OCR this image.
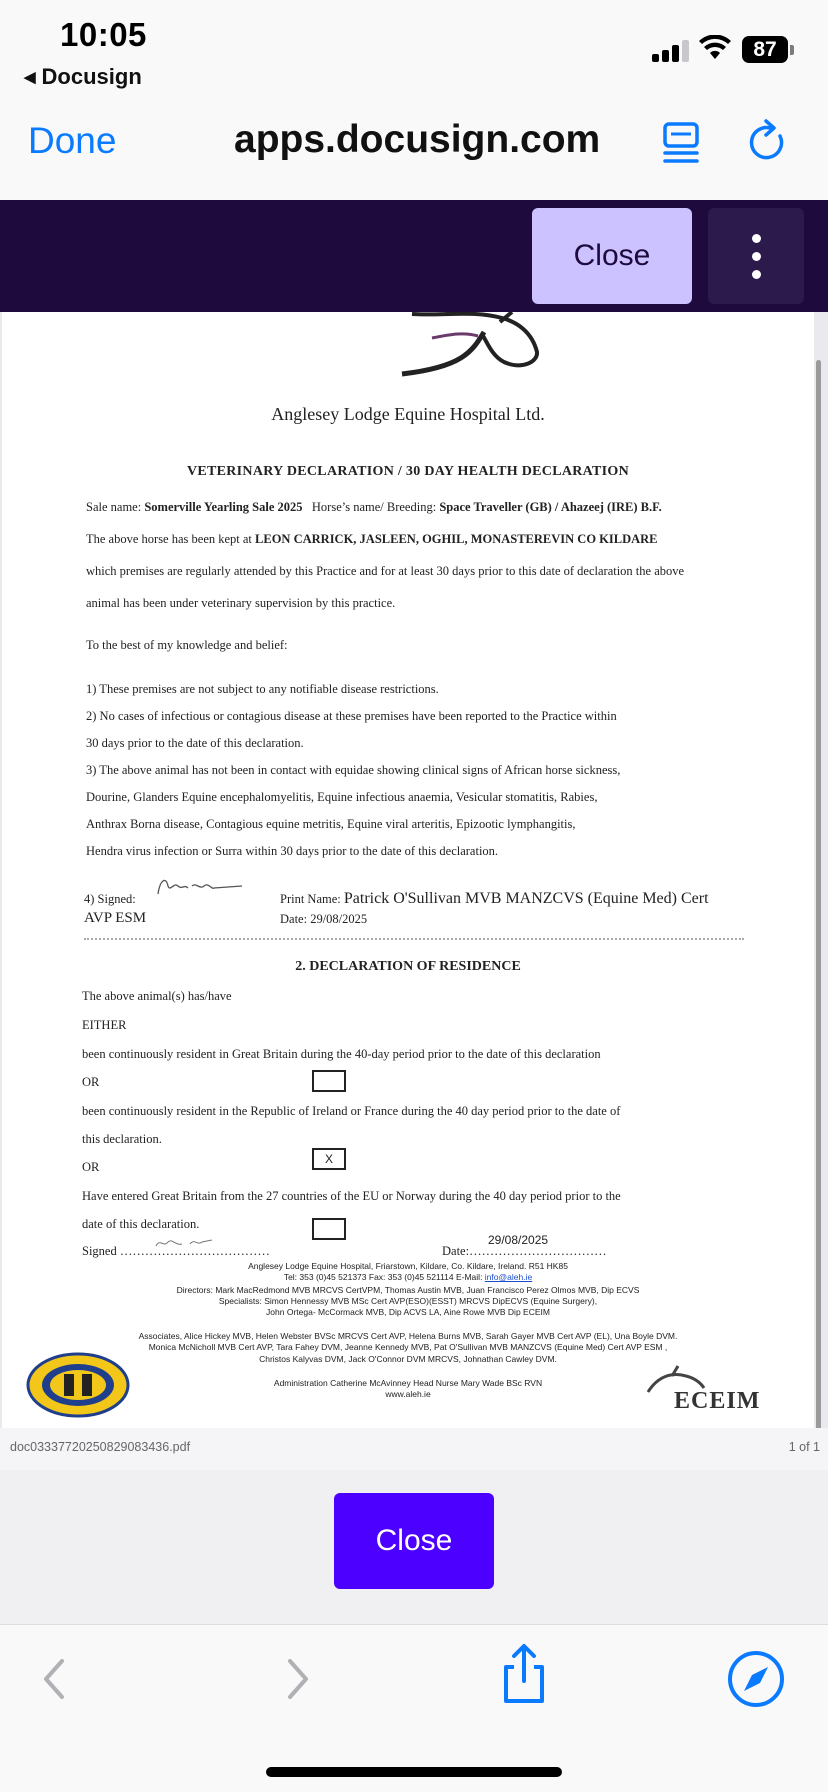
10:05
◀ Docusign
87
Done	apps.docusign.com
Close
Anglesey Lodge Equine Hospital Ltd.
VETERINARY DECLARATION / 30 DAY HEALTH DECLARATION
Sale name: Somerville Yearling Sale 2025 Horse’s name/ Breeding: Space Traveller (GB) / Ahazeej (IRE) B.F.
The above horse has been kept at LEON CARRICK, JASLEEN, OGHIL, MONASTEREVIN CO KILDARE
which premises are regularly attended by this Practice and for at least 30 days prior to this date of declaration the above
animal has been under veterinary supervision by this practice.
To the best of my knowledge and belief:
1) These premises are not subject to any notifiable disease restrictions.
2) No cases of infectious or contagious disease at these premises have been reported to the Practice within
30 days prior to the date of this declaration.
3) The above animal has not been in contact with equidae showing clinical signs of African horse sickness,
Dourine, Glanders Equine encephalomyelitis, Equine infectious anaemia, Vesicular stomatitis, Rabies,
Anthrax Borna disease, Contagious equine metritis, Equine viral arteritis, Epizootic lymphangitis,
Hendra virus infection or Surra within 30 days prior to the date of this declaration.
4) Signed:
AVP ESM
Print Name: Patrick O'Sullivan MVB MANZCVS (Equine Med) Cert
Date: 29/08/2025
2. DECLARATION OF RESIDENCE
The above animal(s) has/have
EITHER
been continuously resident in Great Britain during the 40-day period prior to the date of this declaration
OR
been continuously resident in the Republic of Ireland or France during the 40 day period prior to the date of
this declaration.
X
OR
Have entered Great Britain from the 27 countries of the EU or Norway during the 40 day period prior to the
date of this declaration.
Signed ………………………………	Date:……………………………
29/08/2025
Anglesey Lodge Equine Hospital, Friarstown, Kildare, Co. Kildare, Ireland. R51 HK85
Tel: 353 (0)45 521373 Fax: 353 (0)45 521114 E-Mail: info@aleh.ie
Directors: Mark MacRedmond MVB MRCVS CertVPM, Thomas Austin MVB, Juan Francisco Perez Olmos MVB, Dip ECVS
Specialists: Simon Hennessy MVB MSc Cert AVP(ESO)(ESST) MRCVS DipECVS (Equine Surgery),
John Ortega- McCormack MVB, Dip ACVS LA, Aine Rowe MVB Dip ECEIM
Associates, Alice Hickey MVB, Helen Webster BVSc MRCVS Cert AVP, Helena Burns MVB, Sarah Gayer MVB Cert AVP (EL), Una Boyle DVM.
Monica McNicholl MVB Cert AVP, Tara Fahey DVM, Jeanne Kennedy MVB, Pat O'Sullivan MVB MANZCVS (Equine Med) Cert AVP ESM ,
Christos Kalyvas DVM, Jack O'Connor DVM MRCVS, Johnathan Cawley DVM.
Administration Catherine McAvinney Head Nurse Mary Wade BSc RVN
www.aleh.ie	ECEIM
doc0333772025082908343​6.pdf	1 of 1
Close
